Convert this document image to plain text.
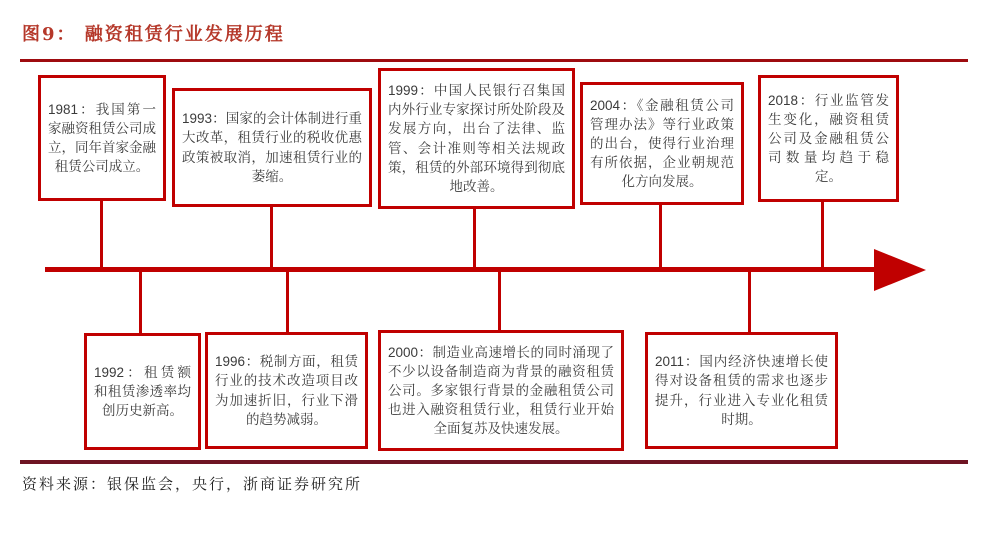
图9： 融资租赁行业发展历程

1981：我国第一家融资租赁公司成立，同年首家金融租赁公司成立。

1993：国家的会计体制进行重大改革，租赁行业的税收优惠政策被取消，加速租赁行业的萎缩。

1999：中国人民银行召集国内外行业专家探讨所处阶段及发展方向，出台了法律、监管、会计准则等相关法规政策，租赁的外部环境得到彻底地改善。

2004：《金融租赁公司管理办法》等行业政策的出台，使得行业治理有所依据，企业朝规范化方向发展。

2018：行业监管发生变化，融资租赁公司及金融租赁公司数量均趋于稳定。

1992：租赁额和租赁渗透率均创历史新高。

1996：税制方面，租赁行业的技术改造项目改为加速折旧，行业下滑的趋势减弱。

2000：制造业高速增长的同时涌现了不少以设备制造商为背景的融资租赁公司。多家银行背景的金融租赁公司也进入融资租赁行业，租赁行业开始全面复苏及快速发展。

2011：国内经济快速增长使得对设备租赁的需求也逐步提升，行业进入专业化租赁时期。

资料来源：银保监会，央行，浙商证券研究所
